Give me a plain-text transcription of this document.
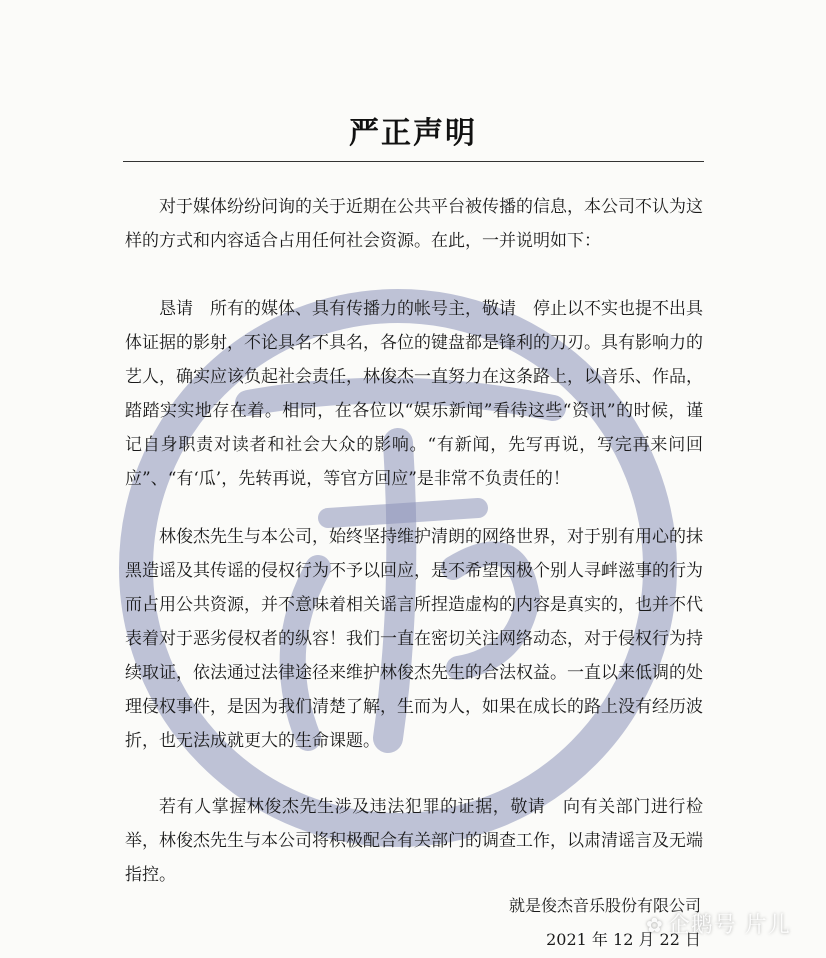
严正声明

对于媒体纷纷问询的关于近期在公共平台被传播的信息，本公司不认为这样的方式和内容适合占用任何社会资源。在此，一并说明如下：

恳请　所有的媒体、具有传播力的帐号主，敬请　停止以不实也提不出具体证据的影射，不论具名不具名，各位的键盘都是锋利的刀刃。具有影响力的艺人，确实应该负起社会责任，林俊杰一直努力在这条路上，以音乐、作品，踏踏实实地存在着。相同，在各位以“娱乐新闻”看待这些“资讯”的时候，谨记自身职责对读者和社会大众的影响。“有新闻，先写再说，写完再来问回应”、“有‘瓜’，先转再说，等官方回应”是非常不负责任的！

林俊杰先生与本公司，始终坚持维护清朗的网络世界，对于别有用心的抹黑造谣及其传谣的侵权行为不予以回应，是不希望因极个别人寻衅滋事的行为而占用公共资源，并不意味着相关谣言所捏造虚构的内容是真实的，也并不代表着对于恶劣侵权者的纵容！我们一直在密切关注网络动态，对于侵权行为持续取证，依法通过法律途径来维护林俊杰先生的合法权益。一直以来低调的处理侵权事件，是因为我们清楚了解，生而为人，如果在成长的路上没有经历波折，也无法成就更大的生命课题。

若有人掌握林俊杰先生涉及违法犯罪的证据，敬请　向有关部门进行检举，林俊杰先生与本公司将积极配合有关部门的调查工作，以肃清谣言及无端指控。

就是俊杰音乐股份有限公司
2021 年 12 月 22 日
✿ 企鹅号 片儿
